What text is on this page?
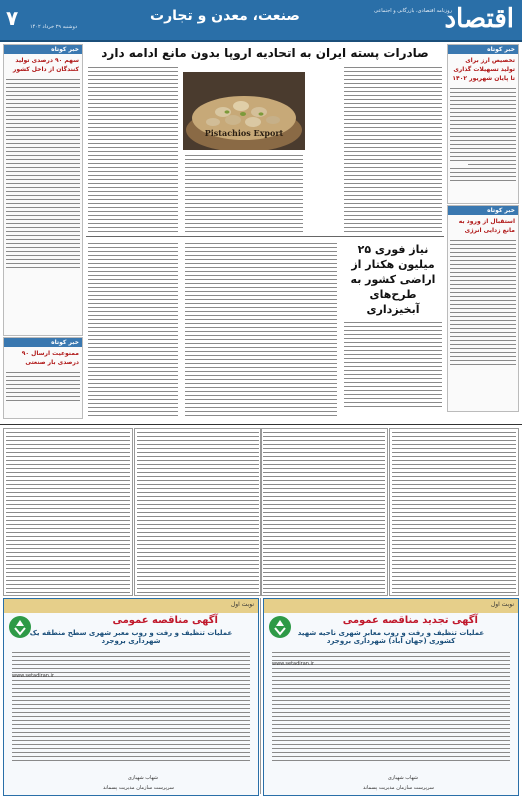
اقتصاد
روزنامه اقتصادی، بازرگانی و اجتماعی
صنعت، معدن و تجارت
دوشنبه ۲۹ خرداد ۱۴۰۲
۷
خبر کوتاه
تخصیص ارز برای تولید تسهیلات گذاری تا پایان شهریور ۱۴۰۲
خبر کوتاه
استقبال از ورود به مانع زدایی انرژی
خبر کوتاه
سهم ۹۰ درصدی تولید کنندگان از داخل کشور
خبر کوتاه
ممنوعیت ارسال ۹۰ درصدی بار صنعتی
صادرات پسته ایران به اتحادیه اروپا بدون مانع ادامه دارد
Pistachios Export
نیاز فوری ۲۵ میلیون هکتار از اراضی کشور به طرح‌های آبخیزداری
نوبت اول
آگهی تجدید مناقصه عمومی
عملیات تنظیف و رفت و روب معابر شهری ناحیه شهید کشوری (جهان آباد) شهرداری بروجرد
www.setadiran.ir
شهاب شهبازی
سرپرست سازمان مدیریت پسماند
نوبت اول
آگهی مناقصه عمومی
عملیات تنظیف و رفت و روب معبر شهری سطح منطقه یک شهرداری بروجرد
www.setadiran.ir
شهاب شهبازی
سرپرست سازمان مدیریت پسماند
